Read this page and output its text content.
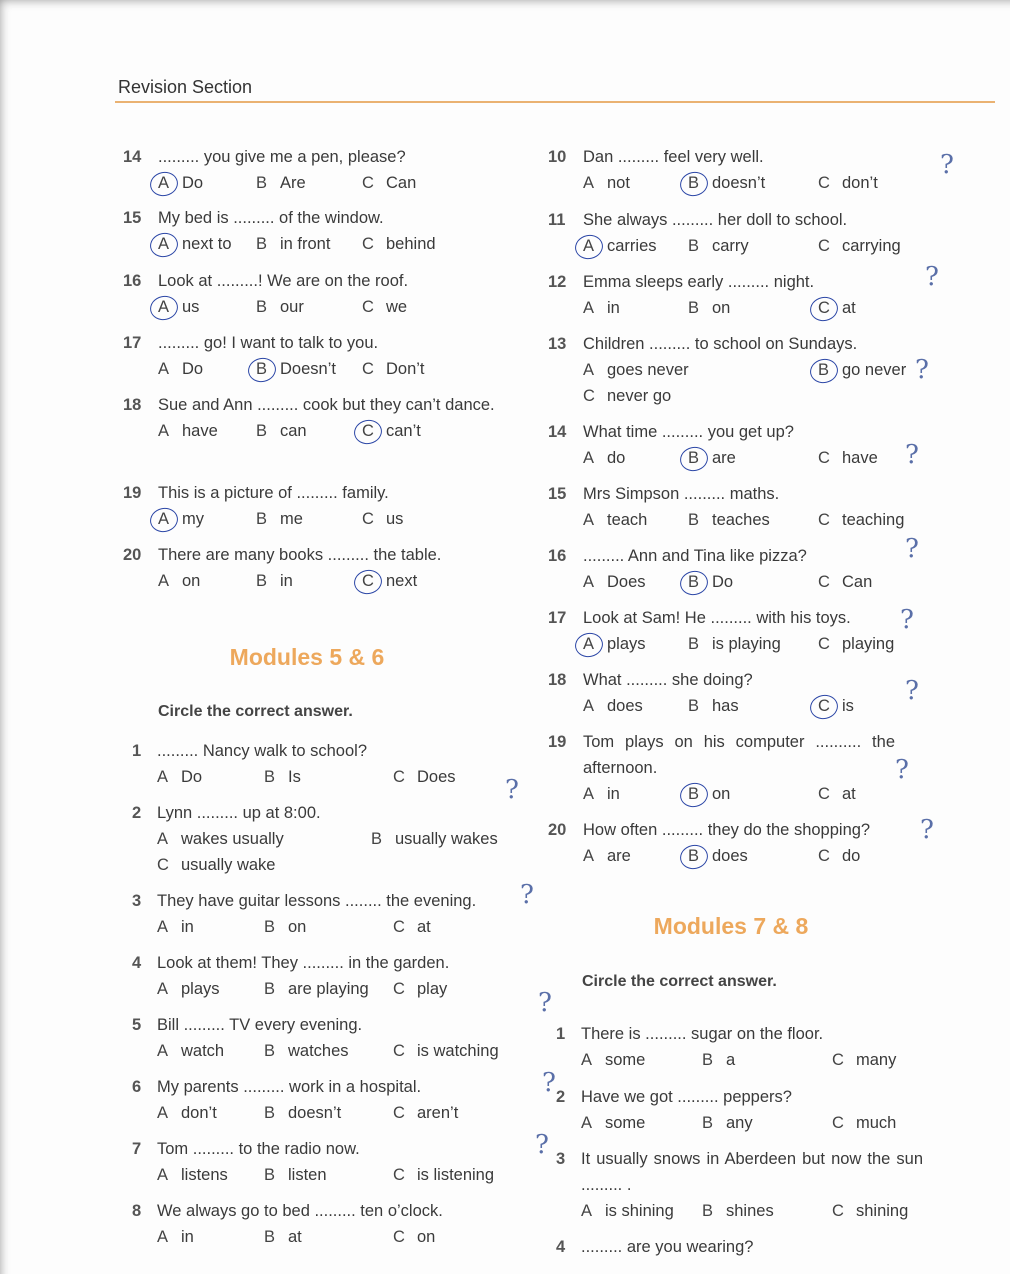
Revision Section
Modules 5 & 6
Circle the correct answer.
Modules 7 & 8
Circle the correct answer.
14 ......... you give me a pen, please?
A Do	B Are	C Can
15 My bed is ......... of the window.
A next to B in front C behind
16 Look at .........! We are on the roof.
A us	B our	C we
17 ......... go! I want to talk to you.
A Do	B Doesn’t C Don’t
18 Sue and Ann ......... cook but they can’t dance.
A have B can	C can’t
19 This is a picture of ......... family.
A my	B me	C us
20 There are many books ......... the table.
A on	B in	C next
1 ......... Nancy walk to school?
A Do	B Is	C Does
2 Lynn ......... up at 8:00.
A wakes usually	B usually wakes
C usually wake
3 They have guitar lessons ........ the evening.
A in	B on	C at
4 Look at them! They ......... in the garden.
A plays	B are playing C play
5 Bill ......... TV every evening.
A watch B watches	C is watching
6 My parents ......... work in a hospital.
A don’t	B doesn’t	C aren’t
7 Tom ......... to the radio now.
A listens B listen	C is listening
8 We always go to bed ......... ten o’clock.
A in	B at	C on
10 Dan ......... feel very well.
A not	B doesn’t	C don’t
11 She always ......... her doll to school.
A carries B carry	C carrying
12 Emma sleeps early ......... night.
A in	B on	C at
13 Children ......... to school on Sundays.
A goes never	B go never
C never go
14 What time ......... you get up?
A do	B are	C have
15 Mrs Simpson ......... maths.
A teach B teaches	C teaching
16 ......... Ann and Tina like pizza?
A Does	B Do	C Can
17 Look at Sam! He ......... with his toys.
A plays	B is playing C playing
18 What ......... she doing?
A does	B has	C is
19 Tom plays on his computer .......... the afternoon.
A in	B on	C at
20 How often ......... they do the shopping?
A are	B does	C do
1 There is ......... sugar on the floor.
A some	B a	C many
2 Have we got ......... peppers?
A some	B any	C much
3 It usually snows in Aberdeen but now the sun ......... .
A is shining B shines	C shining
4 ......... are you wearing?
?
?
?
?
?
?
?
?
?
?
?
?
?
?
